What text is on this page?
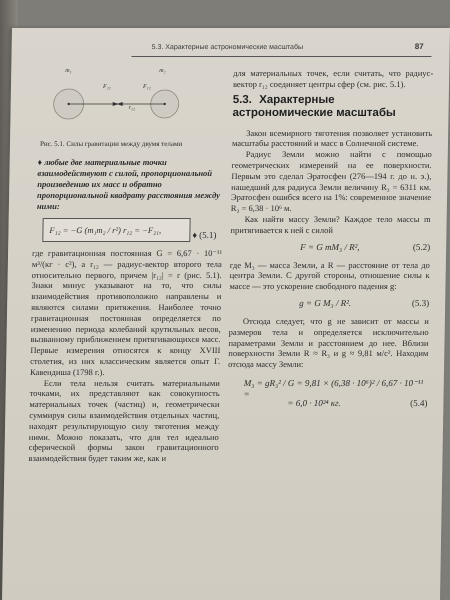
5.3. Характерные астрономические масштабы	87
m₁	m₂
F₂₁	F₁₂
r₁₂
Рис. 5.1. Силы гравитации между двумя телами
♦ любые две материальные точки взаимодействуют с силой, пропорциональной произведению их масс и обратно пропорциональной квадрату расстояния между ними:
F₁₂ = −G (m₁m₂ / r²) r₁₂ = −F₂₁,	♦ (5.1)

где гравитационная постоянная G = 6,67 · 10⁻¹¹ м³/(кг · с²), а r₁₂ — радиус-вектор второго тела относительно первого, причем |r₁₂| = r (рис. 5.1). Знаки минус указывают на то, что силы взаимодействия противоположно направлены и являются силами притяжения. Наиболее точно гравитационная постоянная определяется по изменению периода колебаний крутильных весов, вызванному приближением притягивающихся масс. Первые измерения относятся к концу XVIII столетия, из них классическим является опыт Г. Кавендиша (1798 г.).

Если тела нельзя считать материальными точками, их представляют как совокупность материальных точек (частиц) и, геометрически суммируя силы взаимодействия отдельных частиц, находят результирующую силу тяготения между ними. Можно показать, что для тел идеально сферической формы закон гравитационного взаимодействия будет таким же, как и

для материальных точек, если считать, что радиус-вектор r₁₂ соединяет центры сфер (см. рис. 5.1).

5.3. Характерные астрономические масштабы

Закон всемирного тяготения позволяет установить масштабы расстояний и масс в Солнечной системе.

Радиус Земли можно найти с помощью геометрических измерений на ее поверхности. Первым это сделал Эратосфен (276—194 г. до н. э.), нашедший для радиуса Земли величину R₃ = 6311 км. Эратосфен ошибся всего на 1%: современное значение R₃ = 6,38 · 10⁶ м.

Как найти массу Земли? Каждое тело массы m притягивается к ней с силой

F = G mM₃ / R²,	(5.2)

где M₃ — масса Земли, а R — расстояние от тела до центра Земли. С другой стороны, отношение силы к массе — это ускорение свободного падения g:

g = G M₃ / R².	(5.3)

Отсюда следует, что g не зависит от массы и размеров тела и определяется исключительно параметрами Земли и расстоянием до нее. Вблизи поверхности Земли R ≈ R₃ и g ≈ 9,81 м/с². Находим отсюда массу Земли:

M₃ = gR₃² / G = 9,81 × (6,38 · 10⁶)² / 6,67 · 10⁻¹¹ =
= 6,0 · 10²⁴ кг.	(5.4)
